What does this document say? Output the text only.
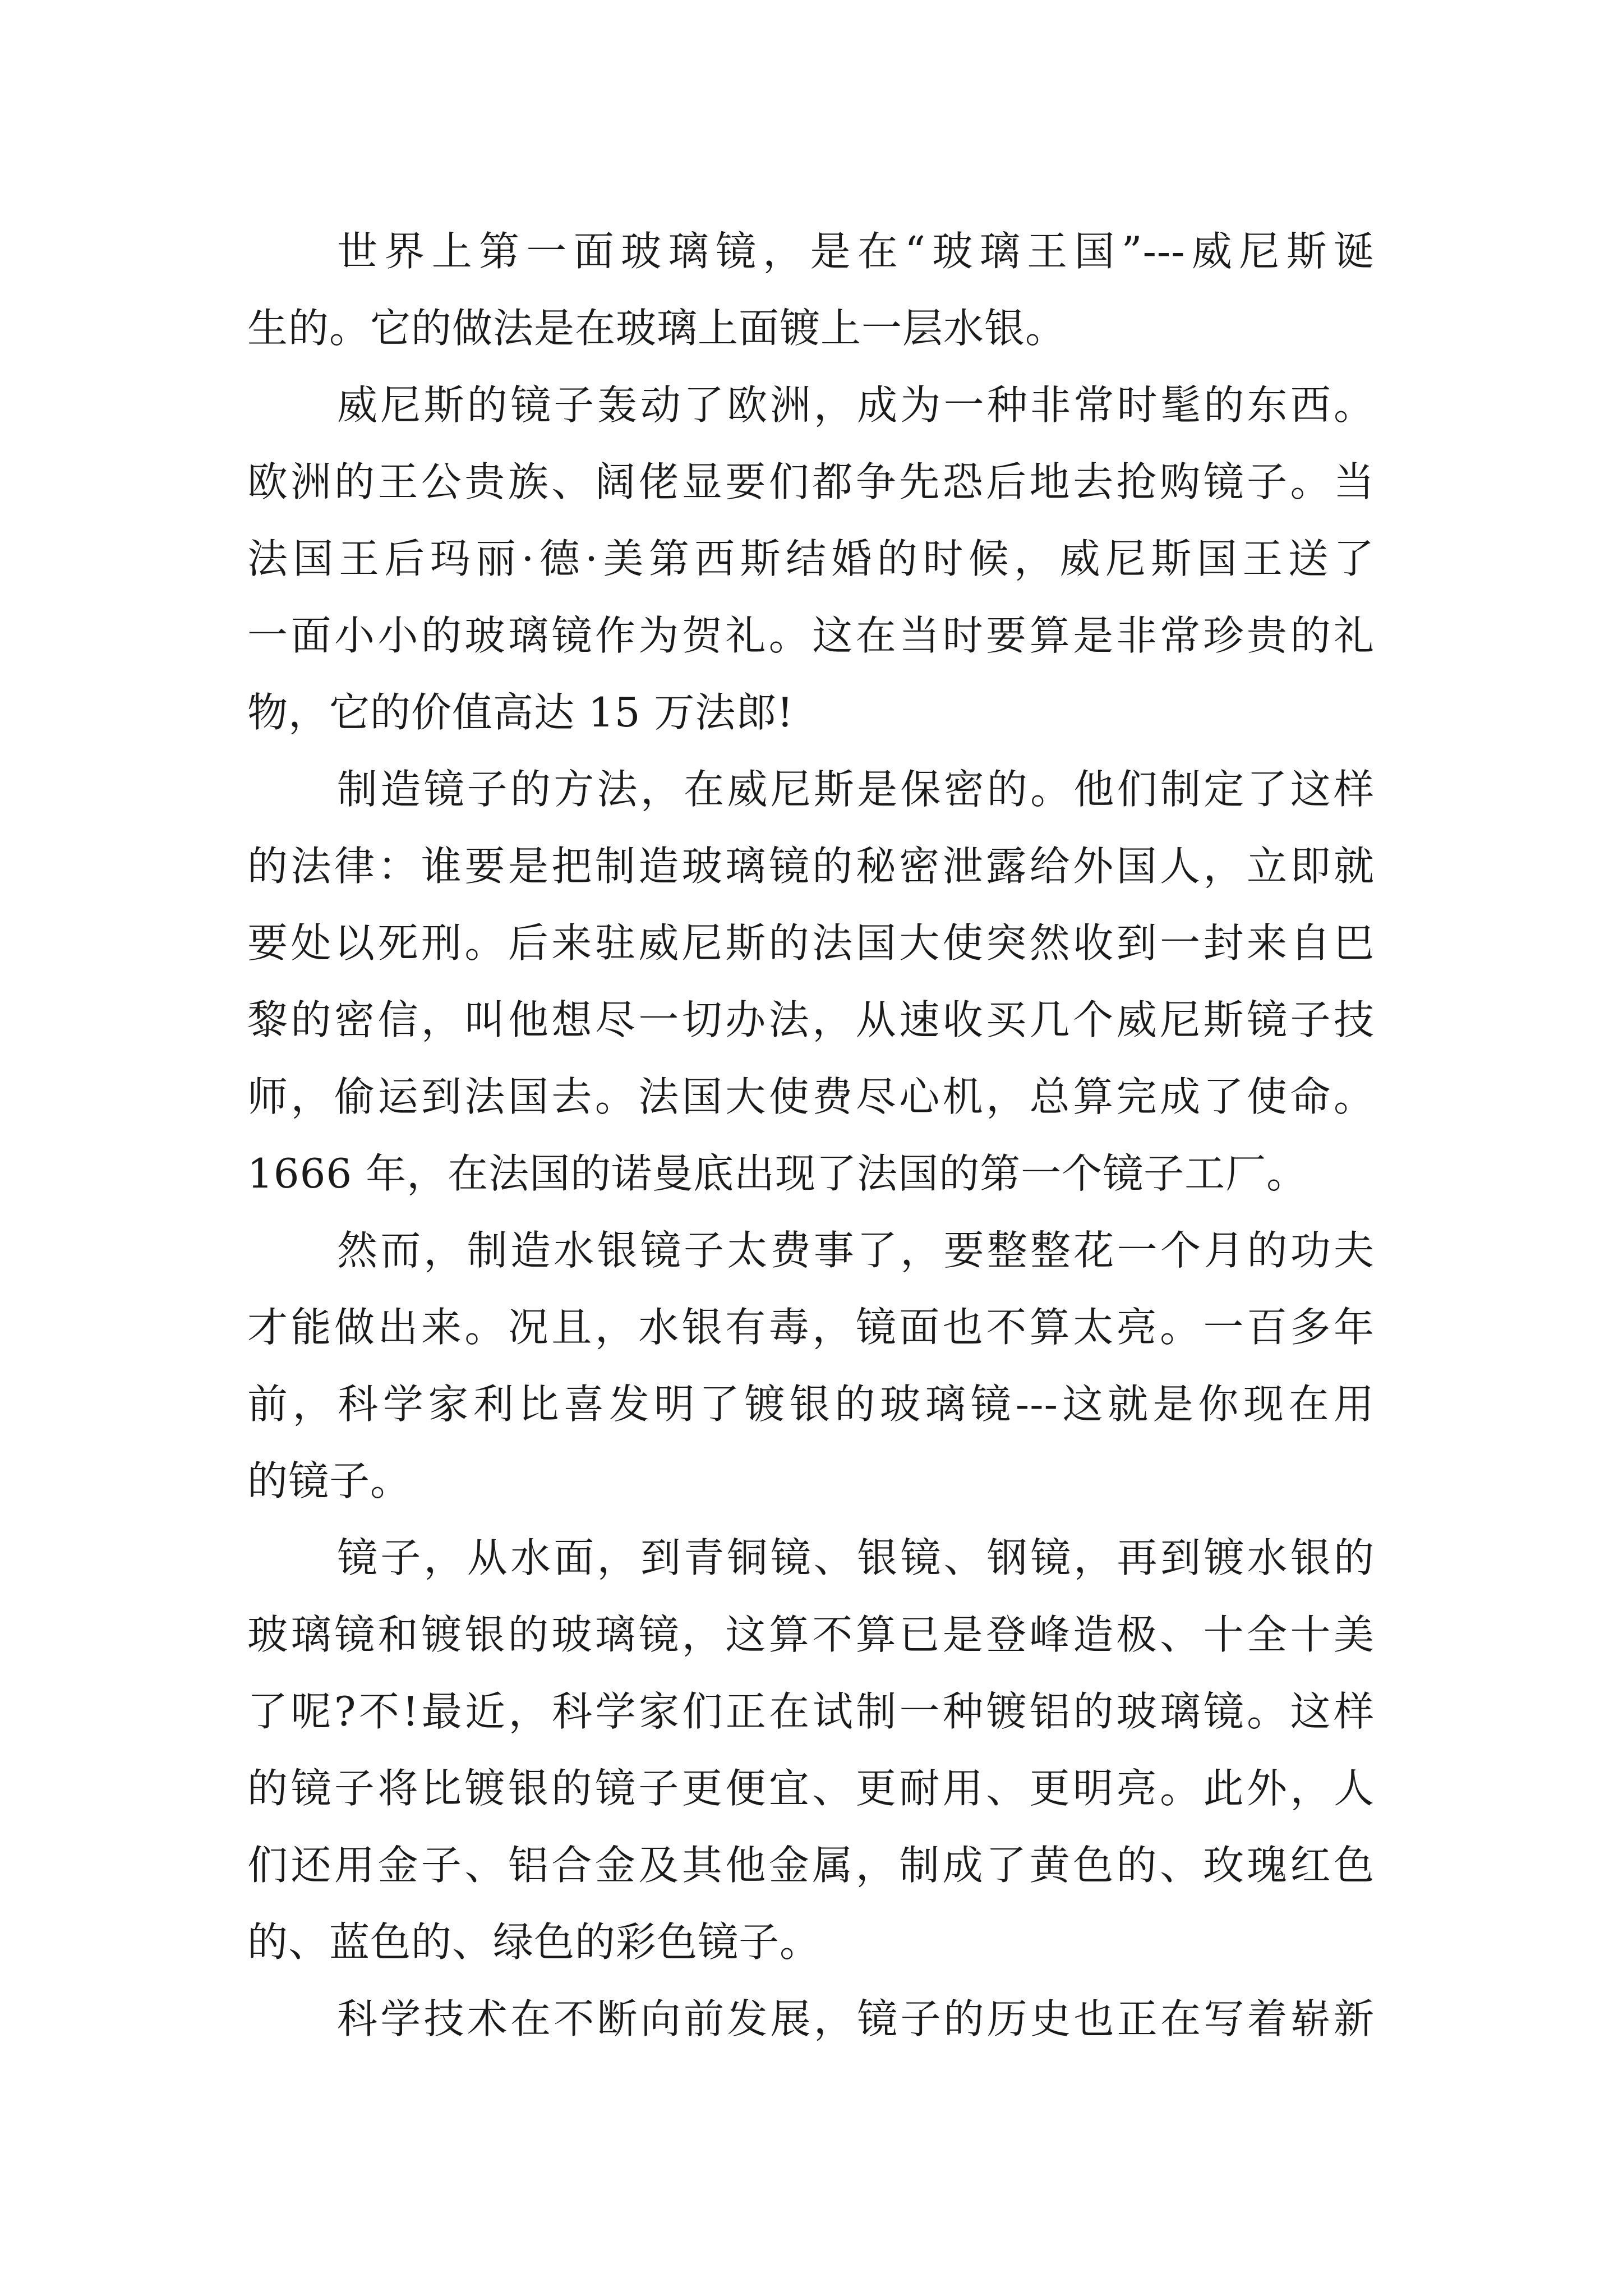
世界上第一面玻璃镜，是在“玻璃王国”---威尼斯诞
生的。它的做法是在玻璃上面镀上一层水银。
威尼斯的镜子轰动了欧洲，成为一种非常时髦的东西。
欧洲的王公贵族、阔佬显要们都争先恐后地去抢购镜子。当
法国王后玛丽·德·美第西斯结婚的时候，威尼斯国王送了
一面小小的玻璃镜作为贺礼。这在当时要算是非常珍贵的礼
物，它的价值高达 15 万法郎!
制造镜子的方法，在威尼斯是保密的。他们制定了这样
的法律：谁要是把制造玻璃镜的秘密泄露给外国人，立即就
要处以死刑。后来驻威尼斯的法国大使突然收到一封来自巴
黎的密信，叫他想尽一切办法，从速收买几个威尼斯镜子技
师，偷运到法国去。法国大使费尽心机，总算完成了使命。
1666 年，在法国的诺曼底出现了法国的第一个镜子工厂。
然而，制造水银镜子太费事了，要整整花一个月的功夫
才能做出来。况且，水银有毒，镜面也不算太亮。一百多年
前，科学家利比喜发明了镀银的玻璃镜---这就是你现在用
的镜子。
镜子，从水面，到青铜镜、银镜、钢镜，再到镀水银的
玻璃镜和镀银的玻璃镜，这算不算已是登峰造极、十全十美
了呢?不!最近，科学家们正在试制一种镀铝的玻璃镜。这样
的镜子将比镀银的镜子更便宜、更耐用、更明亮。此外，人
们还用金子、铝合金及其他金属，制成了黄色的、玫瑰红色
的、蓝色的、绿色的彩色镜子。
科学技术在不断向前发展，镜子的历史也正在写着崭新
